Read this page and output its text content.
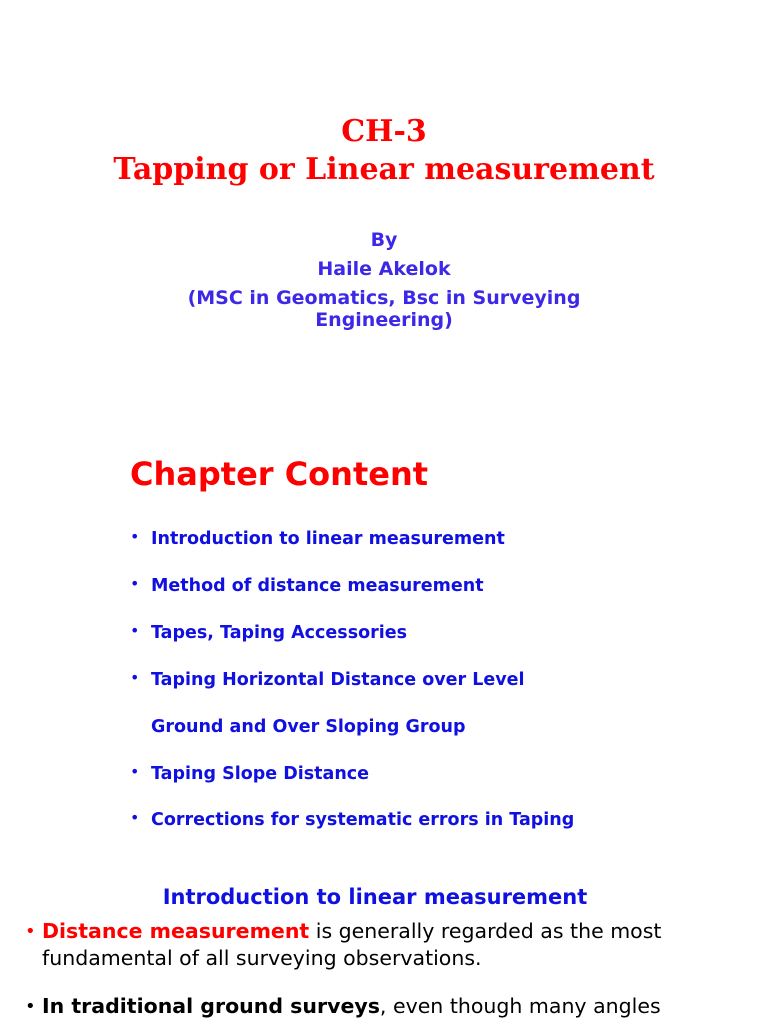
CH-3
Tapping or Linear measurement
By
Haile Akelok
(MSC in Geomatics, Bsc in Surveying
Engineering)
Chapter Content
• Introduction to linear measurement
• Method of distance measurement
• Tapes, Taping Accessories
• Taping Horizontal Distance over Level
Ground and Over Sloping Group
• Taping Slope Distance
• Corrections for systematic errors in Taping
Introduction to linear measurement
• Distance measurement is generally regarded as the most fundamental of all surveying observations.
• In traditional ground surveys, even though many angles
